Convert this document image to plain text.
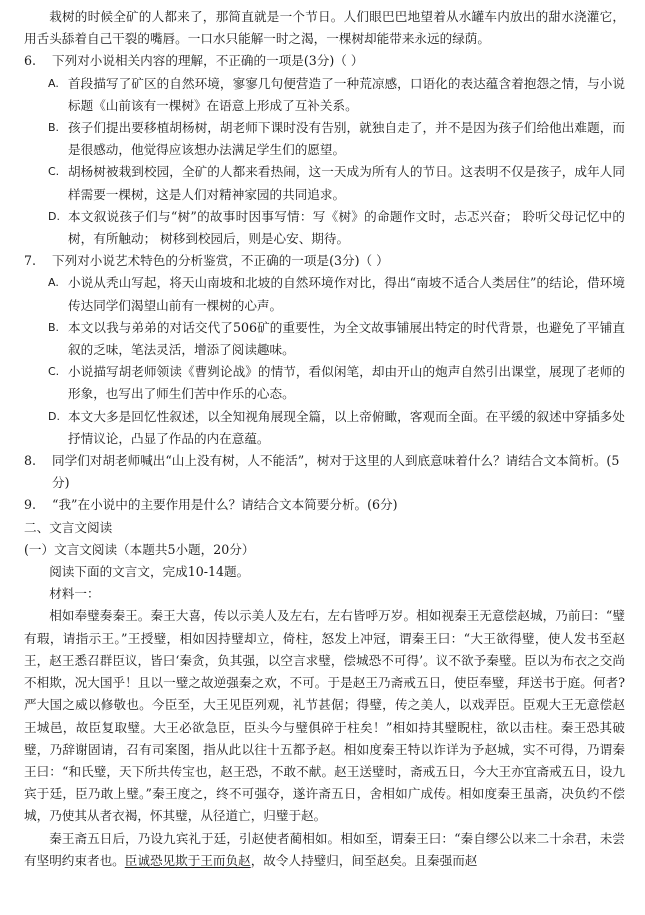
栽树的时候全矿的人都来了，那简直就是一个节日。人们眼巴巴地望着从水罐车内放出的甜水浇灌它，用舌头舔着自己干裂的嘴唇。一口水只能解一时之渴，一棵树却能带来永远的绿荫。

6.	下列对小说相关内容的理解，不正确的一项是(3分)（ ）

A. 首段描写了矿区的自然环境，寥寥几句便营造了一种荒凉感，口语化的表达蕴含着抱怨之情，与小说标题《山前该有一棵树》在语意上形成了互补关系。

B. 孩子们提出要移植胡杨树，胡老师下课时没有告别，就独自走了，并不是因为孩子们给他出难题，而是很感动，他觉得应该想办法满足学生们的愿望。

C. 胡杨树被栽到校园，全矿的人都来看热闹，这一天成为所有人的节日。这表明不仅是孩子，成年人同样需要一棵树，这是人们对精神家园的共同追求。

D. 本文叙说孩子们与“树”的故事时因事写情：写《树》的命题作文时，忐忑兴奋； 聆听父母记忆中的树，有所触动； 树移到校园后，则是心安、期待。

7.	下列对小说艺术特色的分析鉴赏，不正确的一项是(3分)（ ）

A. 小说从秃山写起，将天山南坡和北坡的自然环境作对比，得出“南坡不适合人类居住”的结论，借环境传达同学们渴望山前有一棵树的心声。

B. 本文以我与弟弟的对话交代了506矿的重要性，为全文故事铺展出特定的时代背景，也避免了平铺直叙的乏味，笔法灵活，增添了阅读趣味。

C. 小说描写胡老师领读《曹刿论战》的情节，看似闲笔，却由开山的炮声自然引出课堂，展现了老师的形象，也写出了师生们苦中作乐的心态。

D. 本文大多是回忆性叙述，以全知视角展现全篇，以上帝俯瞰，客观而全面。在平缓的叙述中穿插多处抒情议论，凸显了作品的内在意蕴。

8.	同学们对胡老师喊出“山上没有树，人不能活”，树对于这里的人到底意味着什么？请结合文本简析。(5分)

9.	“我”在小说中的主要作用是什么？请结合文本简要分析。(6分)

二、文言文阅读

(一）文言文阅读（本题共5小题，20分）

阅读下面的文言文，完成10-14题。

材料一：

相如奉璧奏秦王。秦王大喜，传以示美人及左右，左右皆呼万岁。相如视秦王无意偿赵城，乃前曰：“璧有瑕，请指示王。”王授璧，相如因持璧却立，倚柱，怒发上冲冠，谓秦王曰：“大王欲得璧，使人发书至赵王，赵王悉召群臣议，皆曰‘秦贪，负其强，以空言求璧，偿城恐不可得’。议不欲予秦璧。臣以为布衣之交尚不相欺，况大国乎！且以一璧之故逆强秦之欢，不可。于是赵王乃斋戒五日，使臣奉璧，拜送书于庭。何者?严大国之威以修敬也。今臣至，大王见臣列观，礼节甚倨；得璧，传之美人，以戏弄臣。臣观大王无意偿赵王城邑，故臣复取璧。大王必欲急臣，臣头今与璧俱碎于柱矣！”相如持其璧睨柱，欲以击柱。秦王恐其破璧，乃辞谢固请，召有司案图，指从此以往十五都予赵。相如度秦王特以诈详为予赵城，实不可得，乃谓秦王曰：“和氏璧，天下所共传宝也，赵王恐，不敢不献。赵王送璧时，斋戒五日，今大王亦宜斋戒五日，设九宾于廷，臣乃敢上璧。”秦王度之，终不可强夺，遂许斋五日，舍相如广成传。相如度秦王虽斋，决负约不偿城，乃使其从者衣褐，怀其璧，从径道亡，归璧于赵。

秦王斋五日后，乃设九宾礼于廷，引赵使者蔺相如。相如至，谓秦王曰：“秦自缪公以来二十余君，未尝有坚明约束者也。臣诚恐见欺于王而负赵，故令人持璧归，间至赵矣。且秦强而赵
